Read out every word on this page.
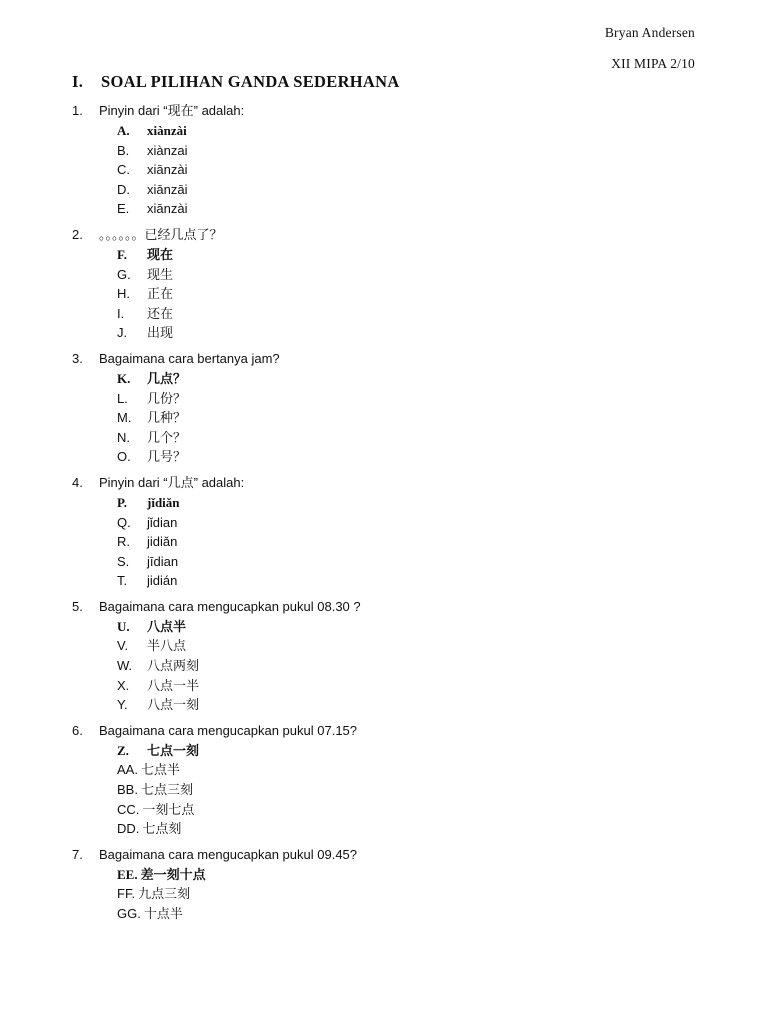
Bryan Andersen
XII MIPA 2/10
I.	SOAL PILIHAN GANDA SEDERHANA
1.	Pinyin dari “现在” adalah:
A.	xiànzài
B.	xiànzai
C.	xiānzài
D.	xiānzāi
E.	xiānzài
2.	。。。。。。已经几点了？
F.	现在
G.	现生
H.	正在
I.	还在
J.	出现
3.	Bagaimana cara bertanya jam?
K.	几点？
L.	几份？
M.	几种？
N.	几个？
O.	几号？
4.	Pinyin dari “几点” adalah:
P.	jǐdiǎn
Q.	jǐdian
R.	jidiǎn
S.	jīdian
T.	jidián
5.	Bagaimana cara mengucapkan pukul 08.30 ?
U.	八点半
V.	半八点
W.	八点两刻
X.	八点一半
Y.	八点一刻
6.	Bagaimana cara mengucapkan pukul 07.15?
Z.	七点一刻
AA. 七点半
BB. 七点三刻
CC. 一刻七点
DD. 七点刻
7.	Bagaimana cara mengucapkan pukul 09.45?
EE. 差一刻十点
FF. 九点三刻
GG. 十点半
